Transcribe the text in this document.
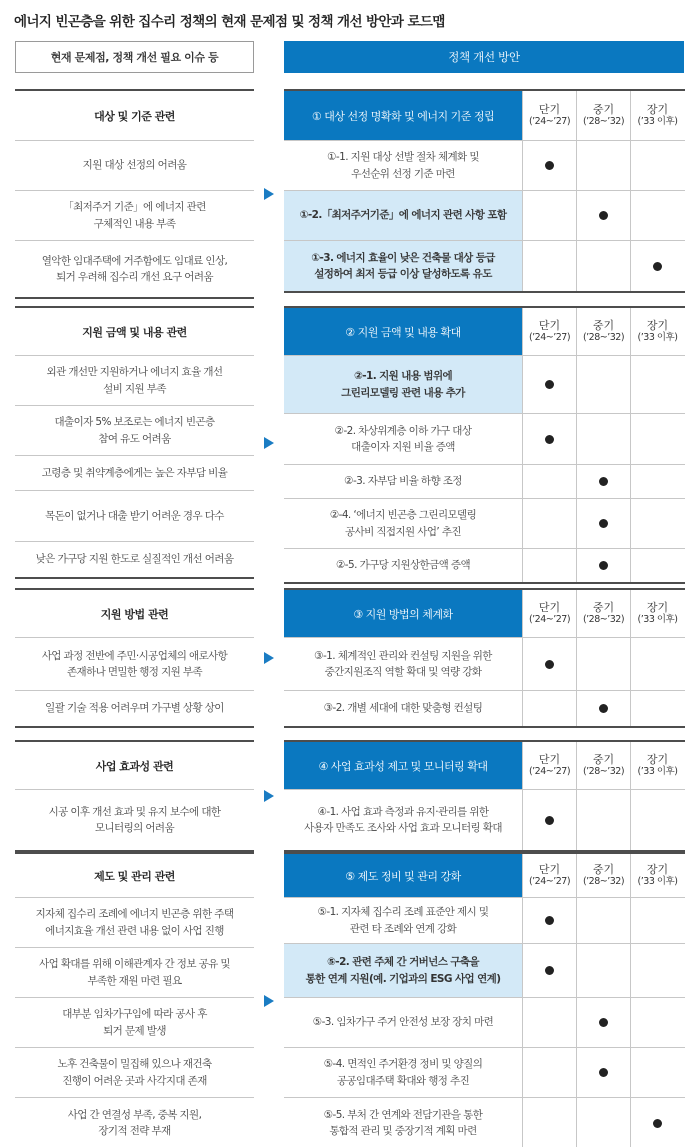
에너지 빈곤층을 위한 집수리 정책의 현재 문제점 및 정책 개선 방안과 로드맵
현재 문제점, 정책 개선 필요 이슈 등	정책 개선 방안
대상 및 기준 관련
지원 대상 선정의 어려움
「최저주거 기준」에 에너지 관련
구체적인 내용 부족
열악한 임대주택에 거주함에도 임대료 인상,
퇴거 우려해 집수리 개선 요구 어려움
① 대상 선정 명확화 및 에너지 기준 정립
단기
(’24~’27)
중기
(’28~’32)
장기
(’33 이후)
①-1. 지원 대상 선발 절차 체계화 및
우선순위 선정 기준 마련
①-2.「최저주거기준」에 에너지 관련 사항 포함
①-3. 에너지 효율이 낮은 건축물 대상 등급
설정하여 최저 등급 이상 달성하도록 유도
지원 금액 및 내용 관련
외관 개선만 지원하거나 에너지 효율 개선
설비 지원 부족
대출이자 5% 보조로는 에너지 빈곤층
참여 유도 어려움
고령층 및 취약계층에게는 높은 자부담 비율
목돈이 없거나 대출 받기 어려운 경우 다수
낮은 가구당 지원 한도로 실질적인 개선 어려움
② 지원 금액 및 내용 확대
단기
(’24~’27)
중기
(’28~’32)
장기
(’33 이후)
②-1. 지원 내용 범위에
그린리모델링 관련 내용 추가
②-2. 차상위계층 이하 가구 대상
대출이자 지원 비율 증액
②-3. 자부담 비율 하향 조정
②-4. ‘에너지 빈곤층 그린리모델링
공사비 직접지원 사업’ 추진
②-5. 가구당 지원상한금액 증액
지원 방법 관련
사업 과정 전반에 주민·시공업체의 애로사항
존재하나 면밀한 행정 지원 부족
일괄 기술 적용 어려우며 가구별 상황 상이
③ 지원 방법의 체계화
단기
(’24~’27)
중기
(’28~’32)
장기
(’33 이후)
③-1. 체계적인 관리와 컨설팅 지원을 위한
중간지원조직 역할 확대 및 역량 강화
③-2. 개별 세대에 대한 맞춤형 컨설팅
사업 효과성 관련
시공 이후 개선 효과 및 유지 보수에 대한
모니터링의 어려움
④ 사업 효과성 제고 및 모니터링 확대
단기
(’24~’27)
중기
(’28~’32)
장기
(’33 이후)
④-1. 사업 효과 측정과 유지·관리를 위한
사용자 만족도 조사와 사업 효과 모니터링 확대
제도 및 관리 관련
지자체 집수리 조례에 에너지 빈곤층 위한 주택
에너지효율 개선 관련 내용 없이 사업 진행
사업 확대를 위해 이해관계자 간 정보 공유 및
부족한 재원 마련 필요
대부분 임차가구임에 따라 공사 후
퇴거 문제 발생
노후 건축물이 밀집해 있으나 재건축
진행이 어려운 곳과 사각지대 존재
사업 간 연결성 부족, 중복 지원,
장기적 전략 부재
⑤ 제도 정비 및 관리 강화
단기
(’24~’27)
중기
(’28~’32)
장기
(’33 이후)
⑤-1. 지자체 집수리 조례 표준안 제시 및
관련 타 조례와 연계 강화
⑤-2. 관련 주체 간 거버넌스 구축을
통한 연계 지원(예. 기업과의 ESG 사업 연계)
⑤-3. 임차가구 주거 안전성 보장 장치 마련
⑤-4. 면적인 주거환경 정비 및 양질의
공공임대주택 확대와 행정 추진
⑤-5. 부처 간 연계와 전담기관을 통한
통합적 관리 및 중장기적 계획 마련
